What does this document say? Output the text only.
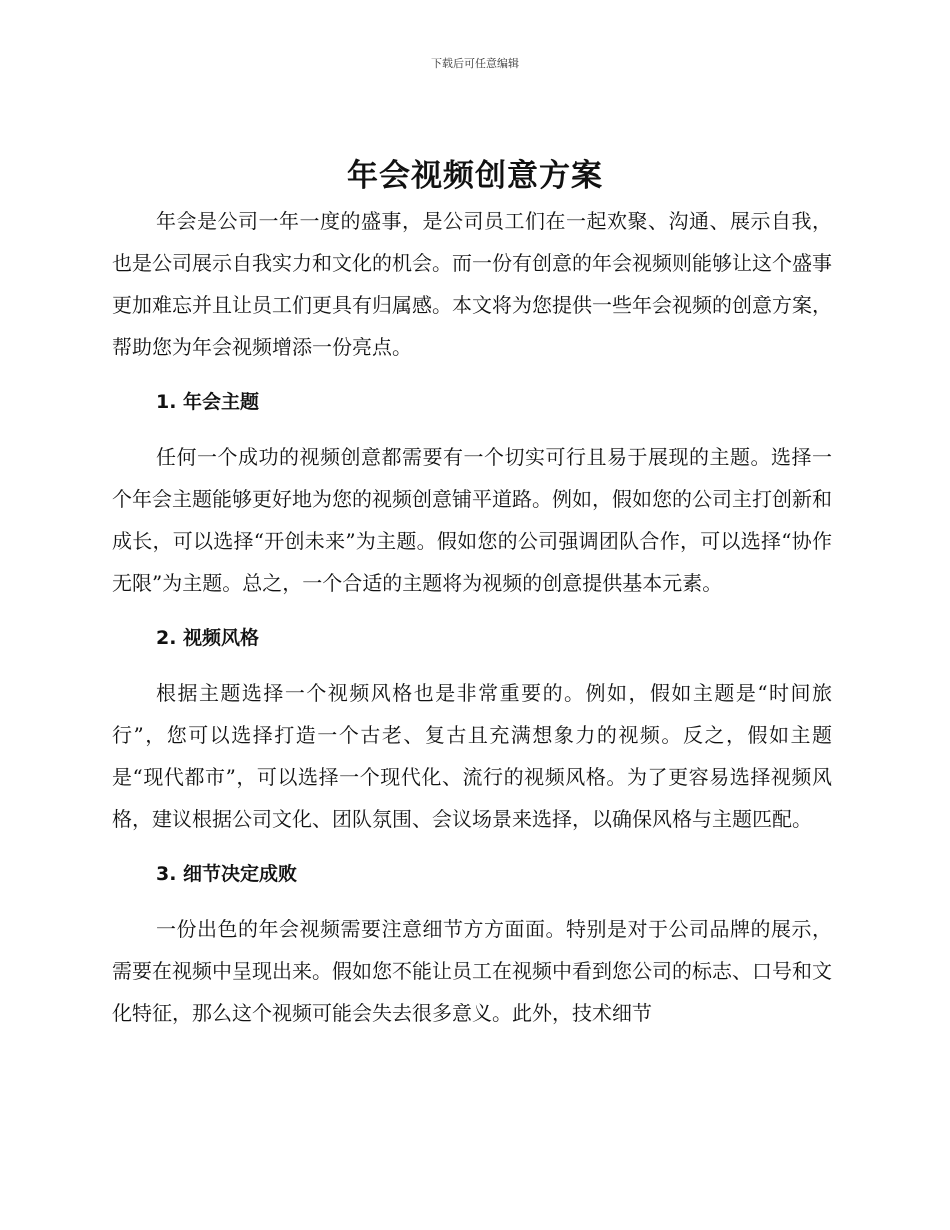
下载后可任意编辑
年会视频创意方案

年会是公司一年一度的盛事，是公司员工们在一起欢聚、沟通、展示自我，也是公司展示自我实力和文化的机会。而一份有创意的年会视频则能够让这个盛事更加难忘并且让员工们更具有归属感。本文将为您提供一些年会视频的创意方案，帮助您为年会视频增添一份亮点。

1. 年会主题

任何一个成功的视频创意都需要有一个切实可行且易于展现的主题。选择一个年会主题能够更好地为您的视频创意铺平道路。例如，假如您的公司主打创新和成长，可以选择“开创未来”为主题。假如您的公司强调团队合作，可以选择“协作无限”为主题。总之，一个合适的主题将为视频的创意提供基本元素。

2. 视频风格

根据主题选择一个视频风格也是非常重要的。例如，假如主题是“时间旅行”，您可以选择打造一个古老、复古且充满想象力的视频。反之，假如主题是“现代都市”，可以选择一个现代化、流行的视频风格。为了更容易选择视频风格，建议根据公司文化、团队氛围、会议场景来选择，以确保风格与主题匹配。

3. 细节决定成败

一份出色的年会视频需要注意细节方方面面。特别是对于公司品牌的展示，需要在视频中呈现出来。假如您不能让员工在视频中看到您公司的标志、口号和文化特征，那么这个视频可能会失去很多意义。此外，技术细节
